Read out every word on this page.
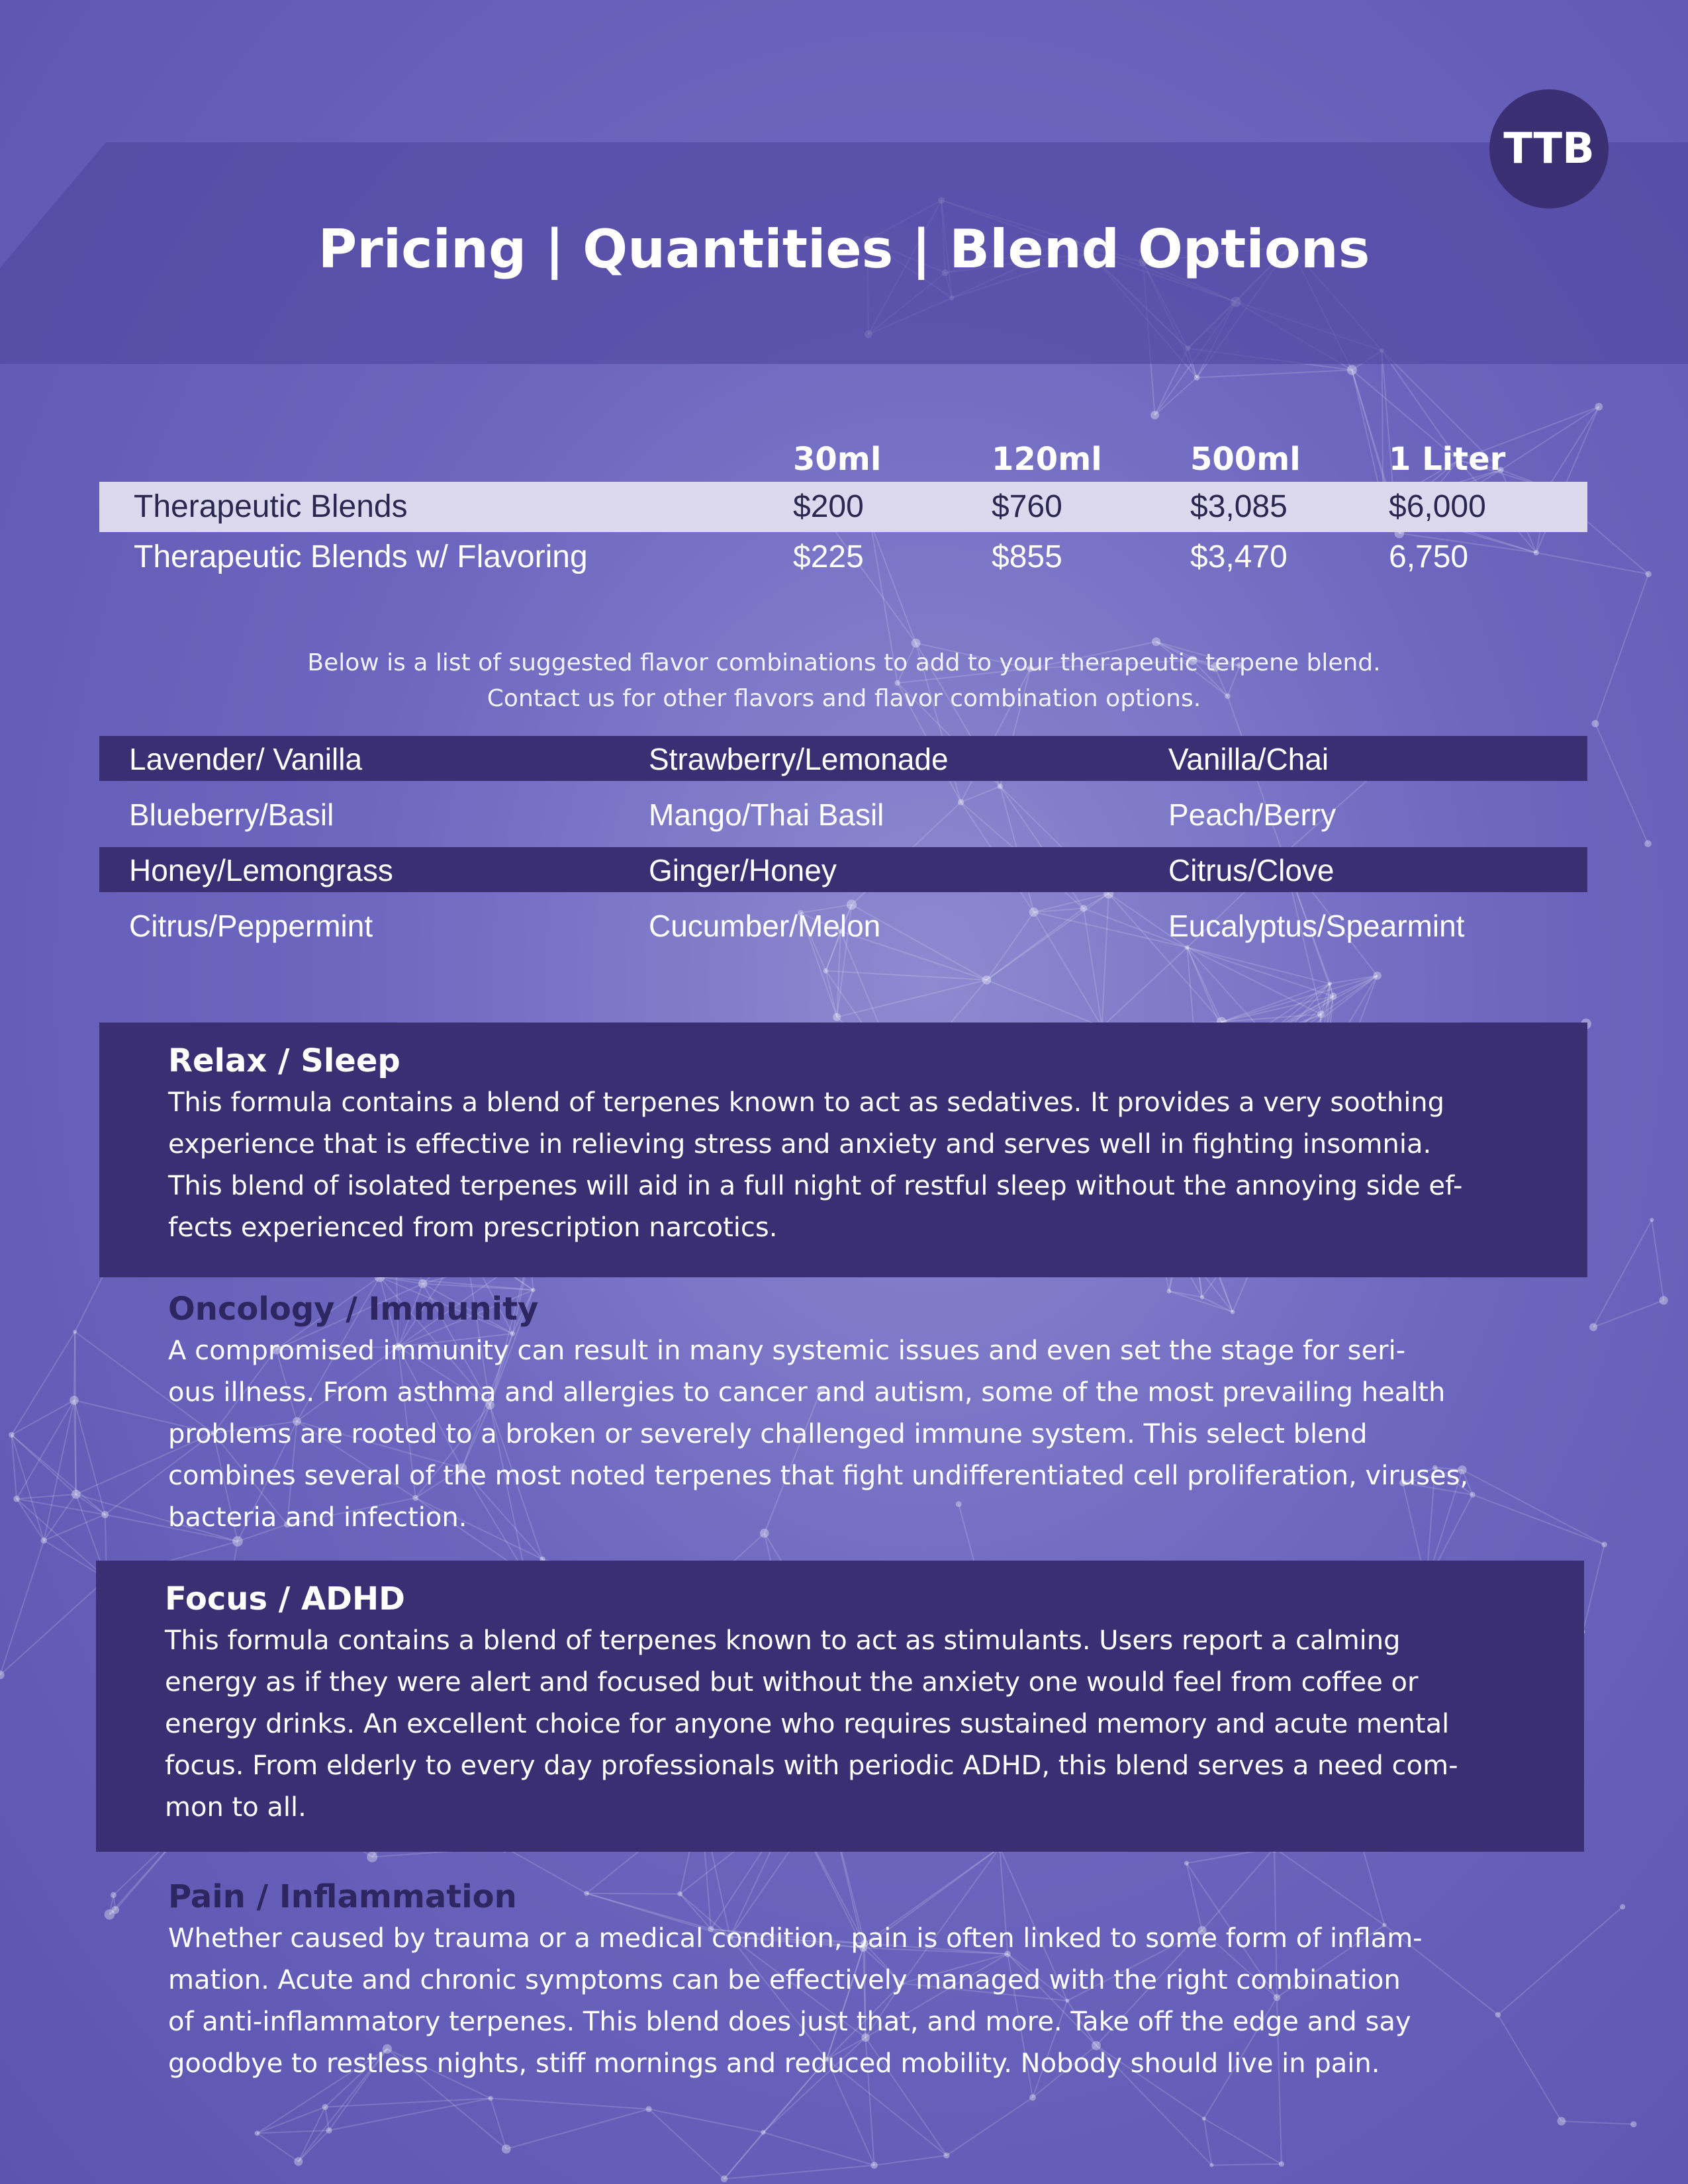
TTB
Pricing | Quantities | Blend Options
30ml	120ml	500ml	1 Liter
Therapeutic Blends	$200	$760	$3,085	$6,000
Therapeutic Blends w/ Flavoring	$225	$855	$3,470	6,750
Below is a list of suggested flavor combinations to add to your therapeutic terpene blend.
Contact us for other flavors and flavor combination options.
Lavender/ Vanilla	Strawberry/Lemonade	Vanilla/Chai
Blueberry/Basil	Mango/Thai Basil	Peach/Berry
Honey/Lemongrass	Ginger/Honey	Citrus/Clove
Citrus/Peppermint	Cucumber/Melon	Eucalyptus/Spearmint
Relax / Sleep

This formula contains a blend of terpenes known to act as sedatives. It provides a very soothing

experience that is effective in relieving stress and anxiety and serves well in fighting insomnia.

This blend of isolated terpenes will aid in a full night of restful sleep without the annoying side ef-

fects experienced from prescription narcotics.

Oncology / Immunity

A compromised immunity can result in many systemic issues and even set the stage for seri-

ous illness. From asthma and allergies to cancer and autism, some of the most prevailing health

problems are rooted to a broken or severely challenged immune system. This select blend

combines several of the most noted terpenes that fight undifferentiated cell proliferation, viruses,

bacteria and infection.

Focus / ADHD

This formula contains a blend of terpenes known to act as stimulants. Users report a calming

energy as if they were alert and focused but without the anxiety one would feel from coffee or

energy drinks. An excellent choice for anyone who requires sustained memory and acute mental

focus. From elderly to every day professionals with periodic ADHD, this blend serves a need com-

mon to all.

Pain / Inflammation

Whether caused by trauma or a medical condition, pain is often linked to some form of inflam-

mation. Acute and chronic symptoms can be effectively managed with the right combination

of anti-inflammatory terpenes. This blend does just that, and more. Take off the edge and say

goodbye to restless nights, stiff mornings and reduced mobility. Nobody should live in pain.
